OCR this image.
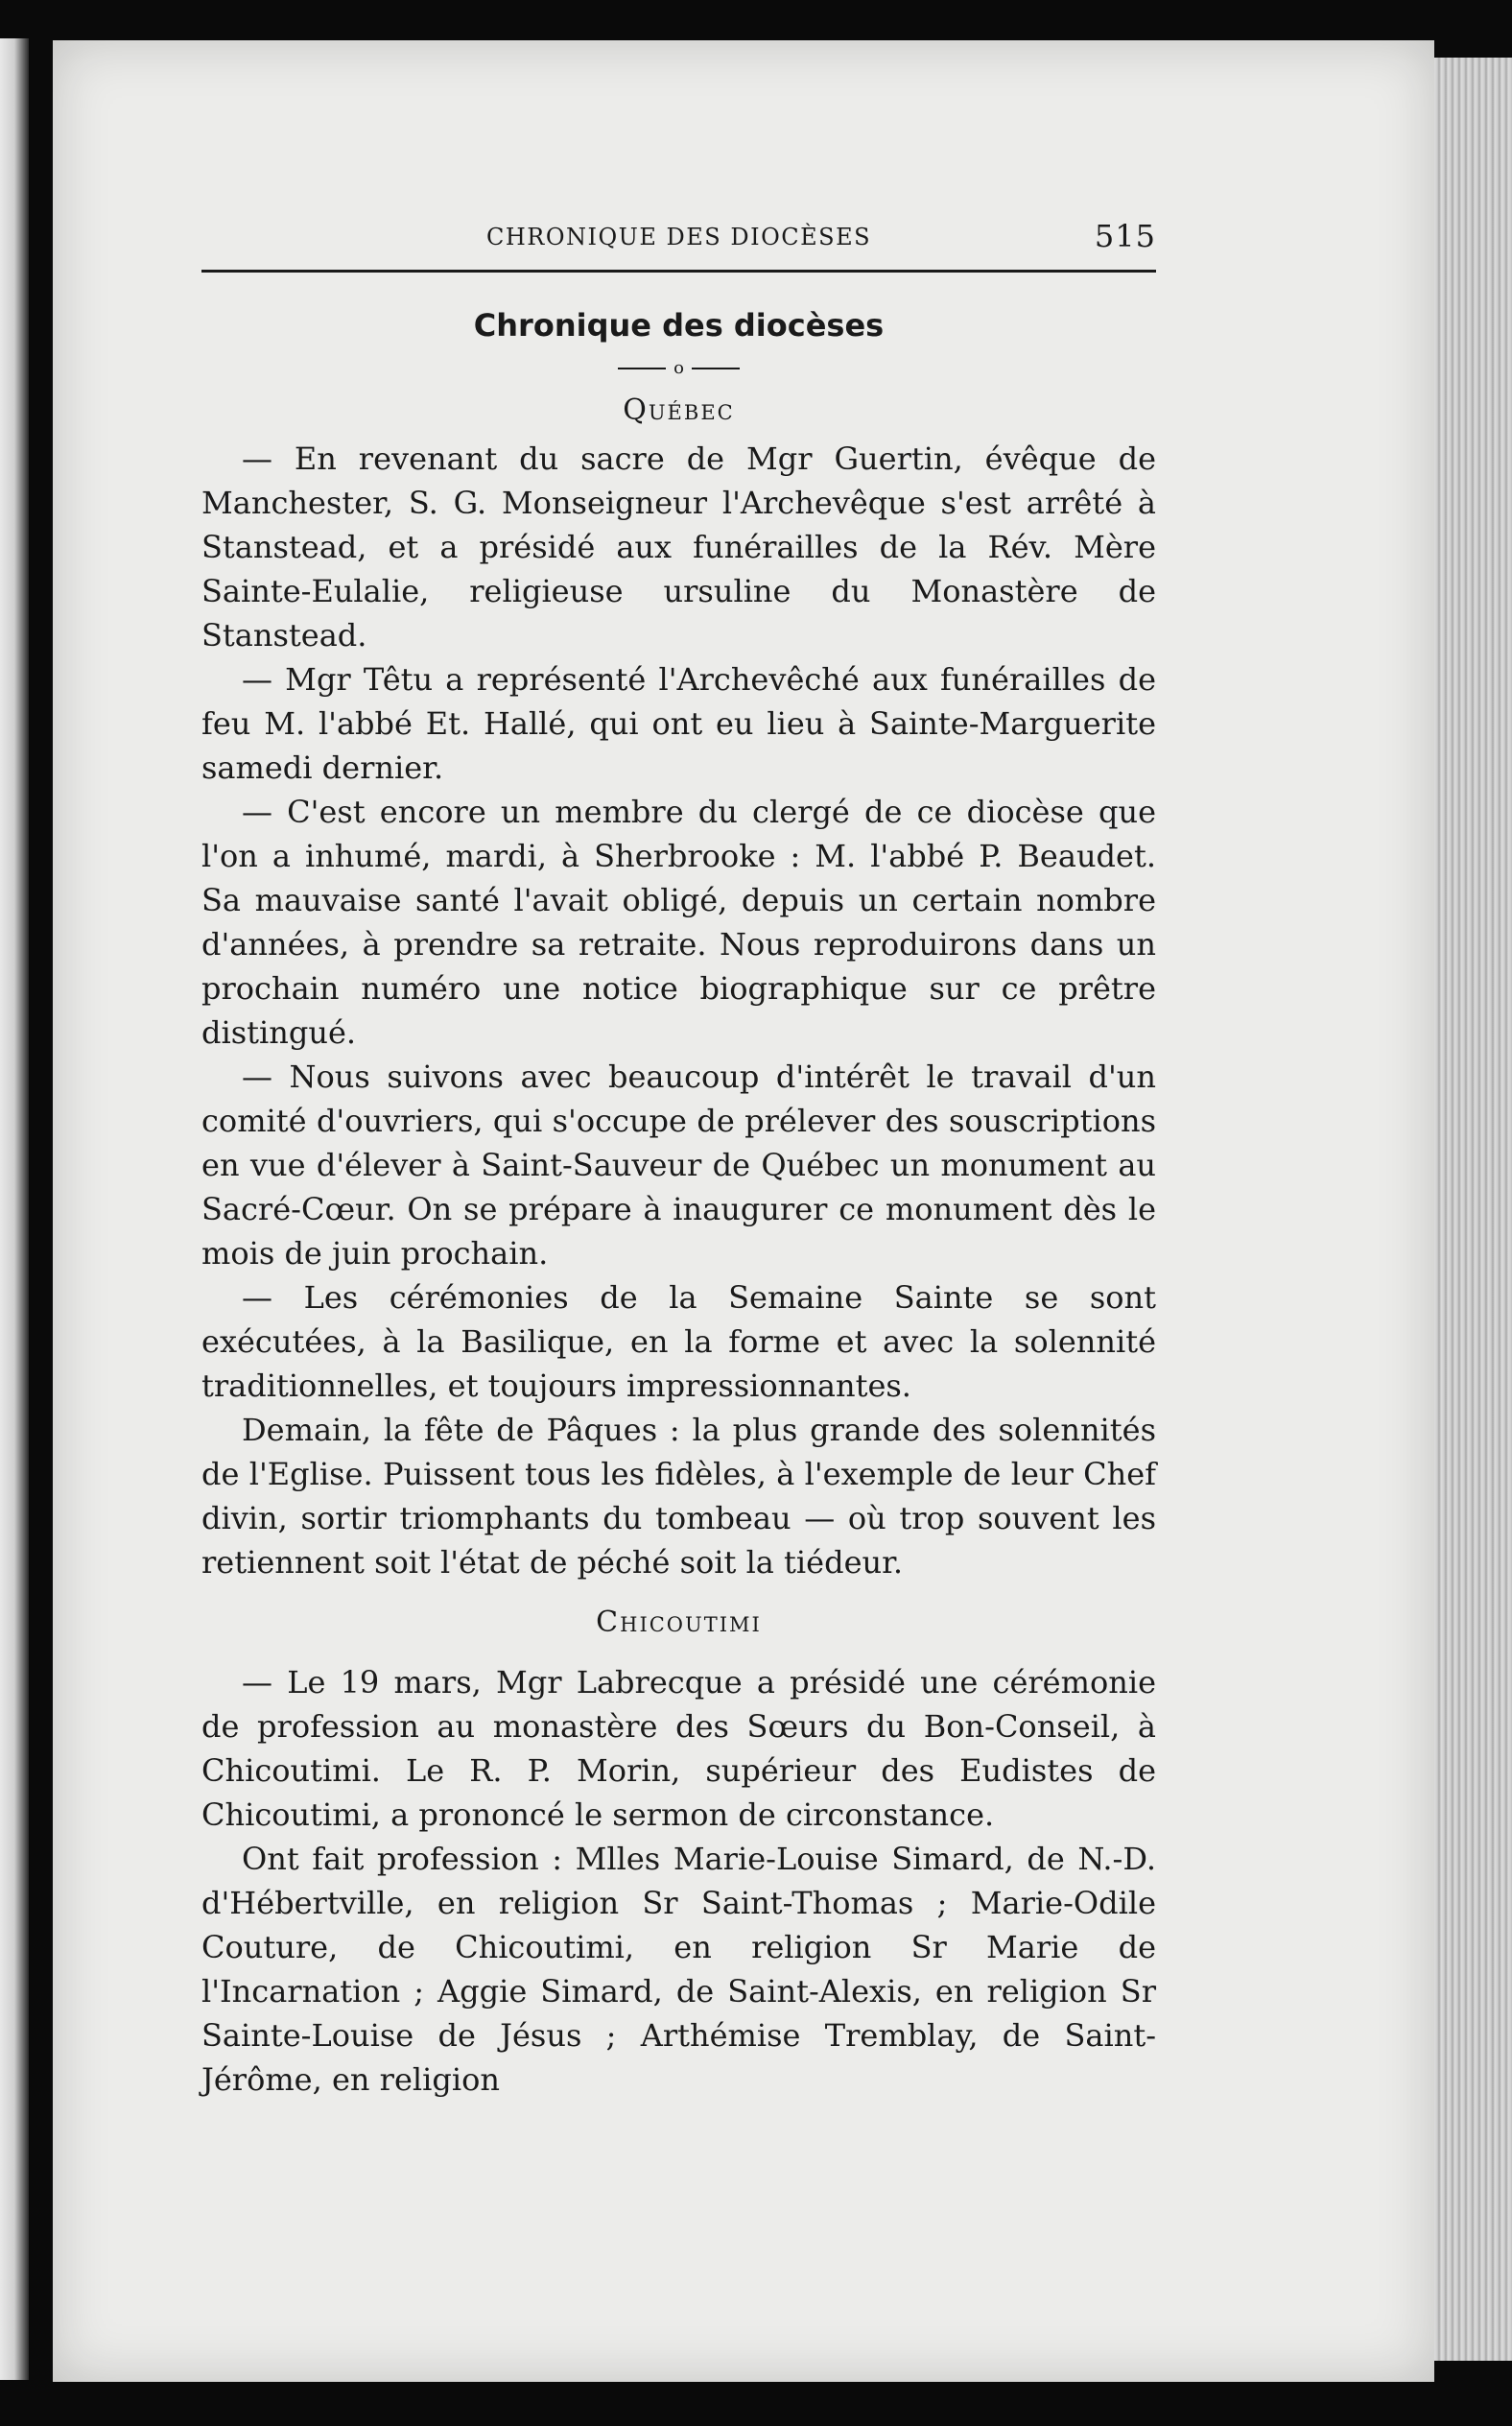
CHRONIQUE DES DIOCÈSES	515
Chronique des diocèses
o
Québec

— En revenant du sacre de Mgr Guertin, évêque de Manchester, S. G. Monseigneur l'Archevêque s'est arrêté à Stanstead, et a présidé aux funérailles de la Rév. Mère Sainte-Eulalie, religieuse ursuline du Monastère de Stanstead.

— Mgr Têtu a représenté l'Archevêché aux funérailles de feu M. l'abbé Et. Hallé, qui ont eu lieu à Sainte-Marguerite samedi dernier.

— C'est encore un membre du clergé de ce diocèse que l'on a inhumé, mardi, à Sherbrooke : M. l'abbé P. Beaudet. Sa mauvaise santé l'avait obligé, depuis un certain nombre d'années, à prendre sa retraite. Nous reproduirons dans un prochain numéro une notice biographique sur ce prêtre distingué.

— Nous suivons avec beaucoup d'intérêt le travail d'un comité d'ouvriers, qui s'occupe de prélever des souscriptions en vue d'élever à Saint-Sauveur de Québec un monument au Sacré-Cœur. On se prépare à inaugurer ce monument dès le mois de juin prochain.

— Les cérémonies de la Semaine Sainte se sont exécutées, à la Basilique, en la forme et avec la solennité traditionnelles, et toujours impressionnantes.

Demain, la fête de Pâques : la plus grande des solennités de l'Eglise. Puissent tous les fidèles, à l'exemple de leur Chef divin, sortir triomphants du tombeau — où trop souvent les retiennent soit l'état de péché soit la tiédeur.

Chicoutimi

— Le 19 mars, Mgr Labrecque a présidé une cérémonie de profession au monastère des Sœurs du Bon-Conseil, à Chicoutimi. Le R. P. Morin, supérieur des Eudistes de Chicoutimi, a prononcé le sermon de circonstance.

Ont fait profession : Mlles Marie-Louise Simard, de N.-D. d'Hébertville, en religion Sr Saint-Thomas ; Marie-Odile Couture, de Chicoutimi, en religion Sr Marie de l'Incarnation ; Aggie Simard, de Saint-Alexis, en religion Sr Sainte-Louise de Jésus ; Arthémise Tremblay, de Saint-Jérôme, en religion
